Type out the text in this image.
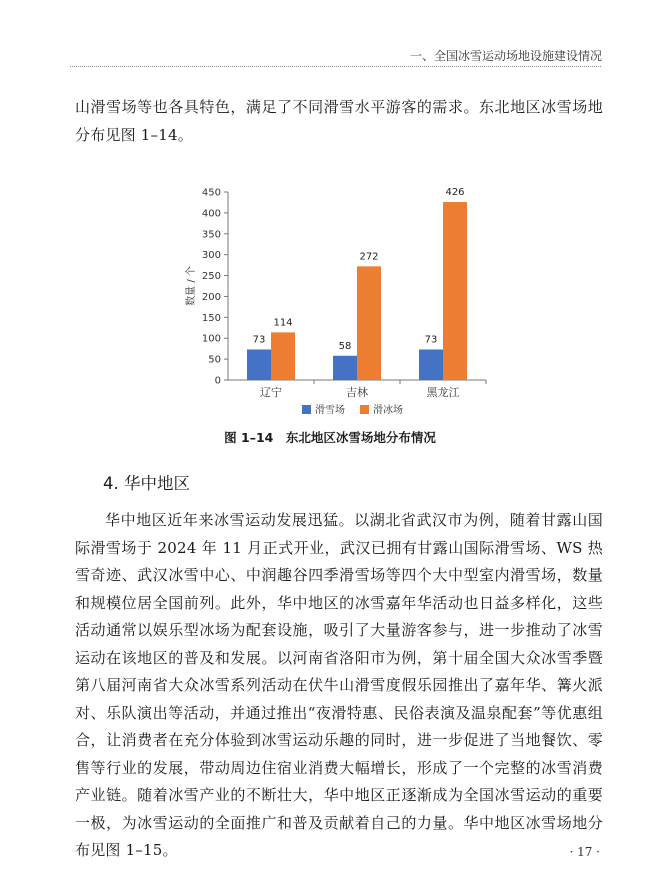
一、全国冰雪运动场地设施建设情况

山滑雪场等也各具特色，满足了不同滑雪水平游客的需求。东北地区冰雪场地分布见图 1–14。

0
50
100
150
200
250
300
350
400
450
数量 / 个
辽宁	吉林	黑龙江
73
114
58
272
73
426
滑雪场	滑冰场
图 1–14　东北地区冰雪场地分布情况
4. 华中地区

华中地区近年来冰雪运动发展迅猛。以湖北省武汉市为例，随着甘露山国际滑雪场于 2024 年 11 月正式开业，武汉已拥有甘露山国际滑雪场、WS 热雪奇迹、武汉冰雪中心、中润趣谷四季滑雪场等四个大中型室内滑雪场，数量和规模位居全国前列。此外，华中地区的冰雪嘉年华活动也日益多样化，这些活动通常以娱乐型冰场为配套设施，吸引了大量游客参与，进一步推动了冰雪运动在该地区的普及和发展。以河南省洛阳市为例，第十届全国大众冰雪季暨第八届河南省大众冰雪系列活动在伏牛山滑雪度假乐园推出了嘉年华、篝火派对、乐队演出等活动，并通过推出“夜滑特惠、民俗表演及温泉配套”等优惠组合，让消费者在充分体验到冰雪运动乐趣的同时，进一步促进了当地餐饮、零售等行业的发展，带动周边住宿业消费大幅增长，形成了一个完整的冰雪消费产业链。随着冰雪产业的不断壮大，华中地区正逐渐成为全国冰雪运动的重要一极，为冰雪运动的全面推广和普及贡献着自己的力量。华中地区冰雪场地分布见图 1–15。	· 17 ·
